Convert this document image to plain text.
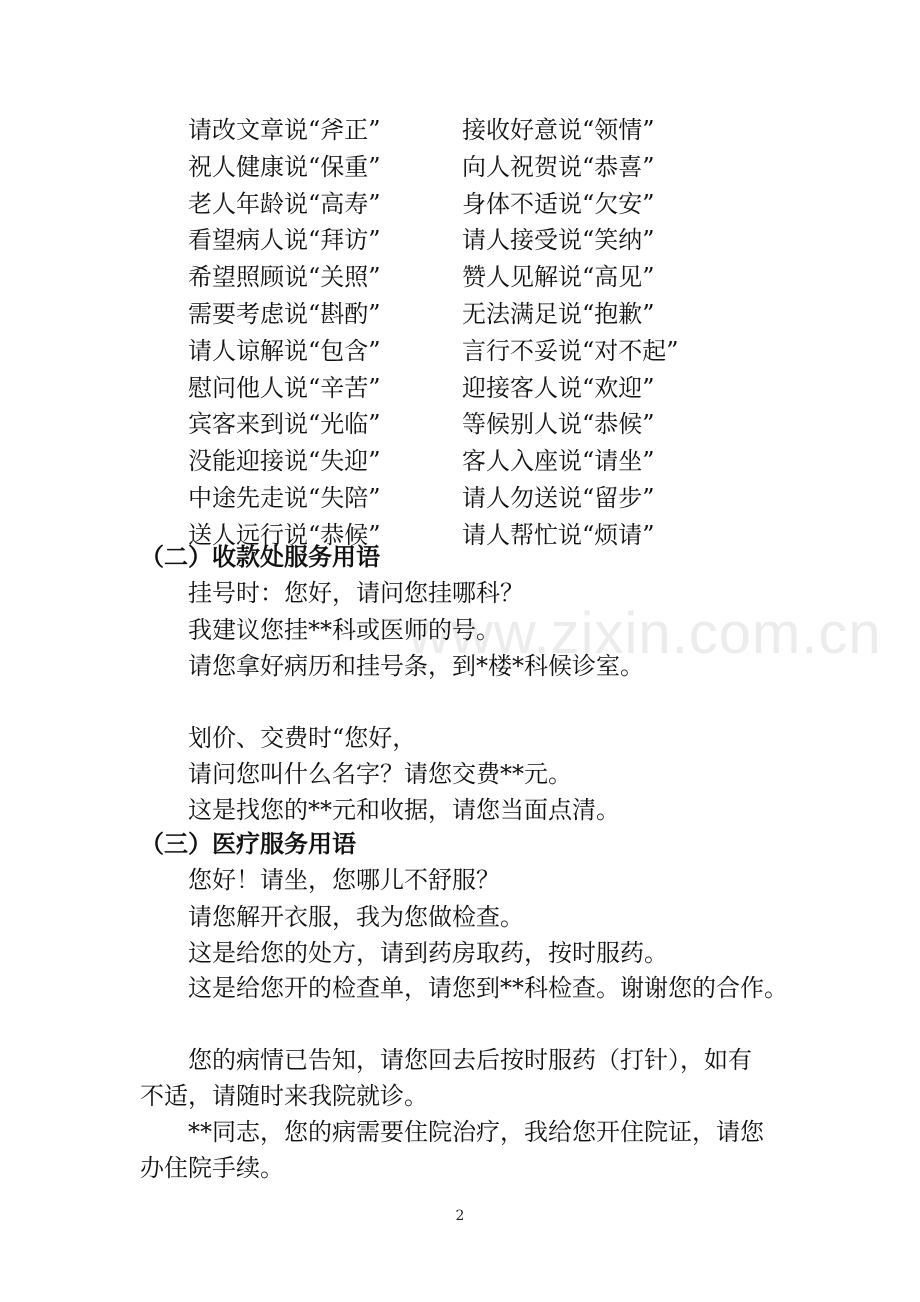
www.zixin.com.cn
请改文章说“斧正”	接收好意说“领情”
祝人健康说“保重”	向人祝贺说“恭喜”
老人年龄说“高寿”	身体不适说“欠安”
看望病人说“拜访”	请人接受说“笑纳”
希望照顾说“关照”	赞人见解说“高见”
需要考虑说“斟酌”	无法满足说“抱歉”
请人谅解说“包含”	言行不妥说“对不起”
慰问他人说“辛苦”	迎接客人说“欢迎”
宾客来到说“光临”	等候别人说“恭候”
没能迎接说“失迎”	客人入座说“请坐”
中途先走说“失陪”	请人勿送说“留步”
送人远行说“恭候”	请人帮忙说“烦请”
（二）收款处服务用语
挂号时：您好，请问您挂哪科？
我建议您挂**科或医师的号。
请您拿好病历和挂号条，到*楼*科候诊室。
划价、交费时“您好，
请问您叫什么名字？请您交费**元。
这是找您的**元和收据，请您当面点清。
（三）医疗服务用语
您好！请坐，您哪儿不舒服？
请您解开衣服，我为您做检查。
这是给您的处方，请到药房取药，按时服药。
这是给您开的检查单，请您到**科检查。谢谢您的合作。
您的病情已告知，请您回去后按时服药（打针），如有
不适，请随时来我院就诊。
**同志，您的病需要住院治疗，我给您开住院证，请您
办住院手续。
2
